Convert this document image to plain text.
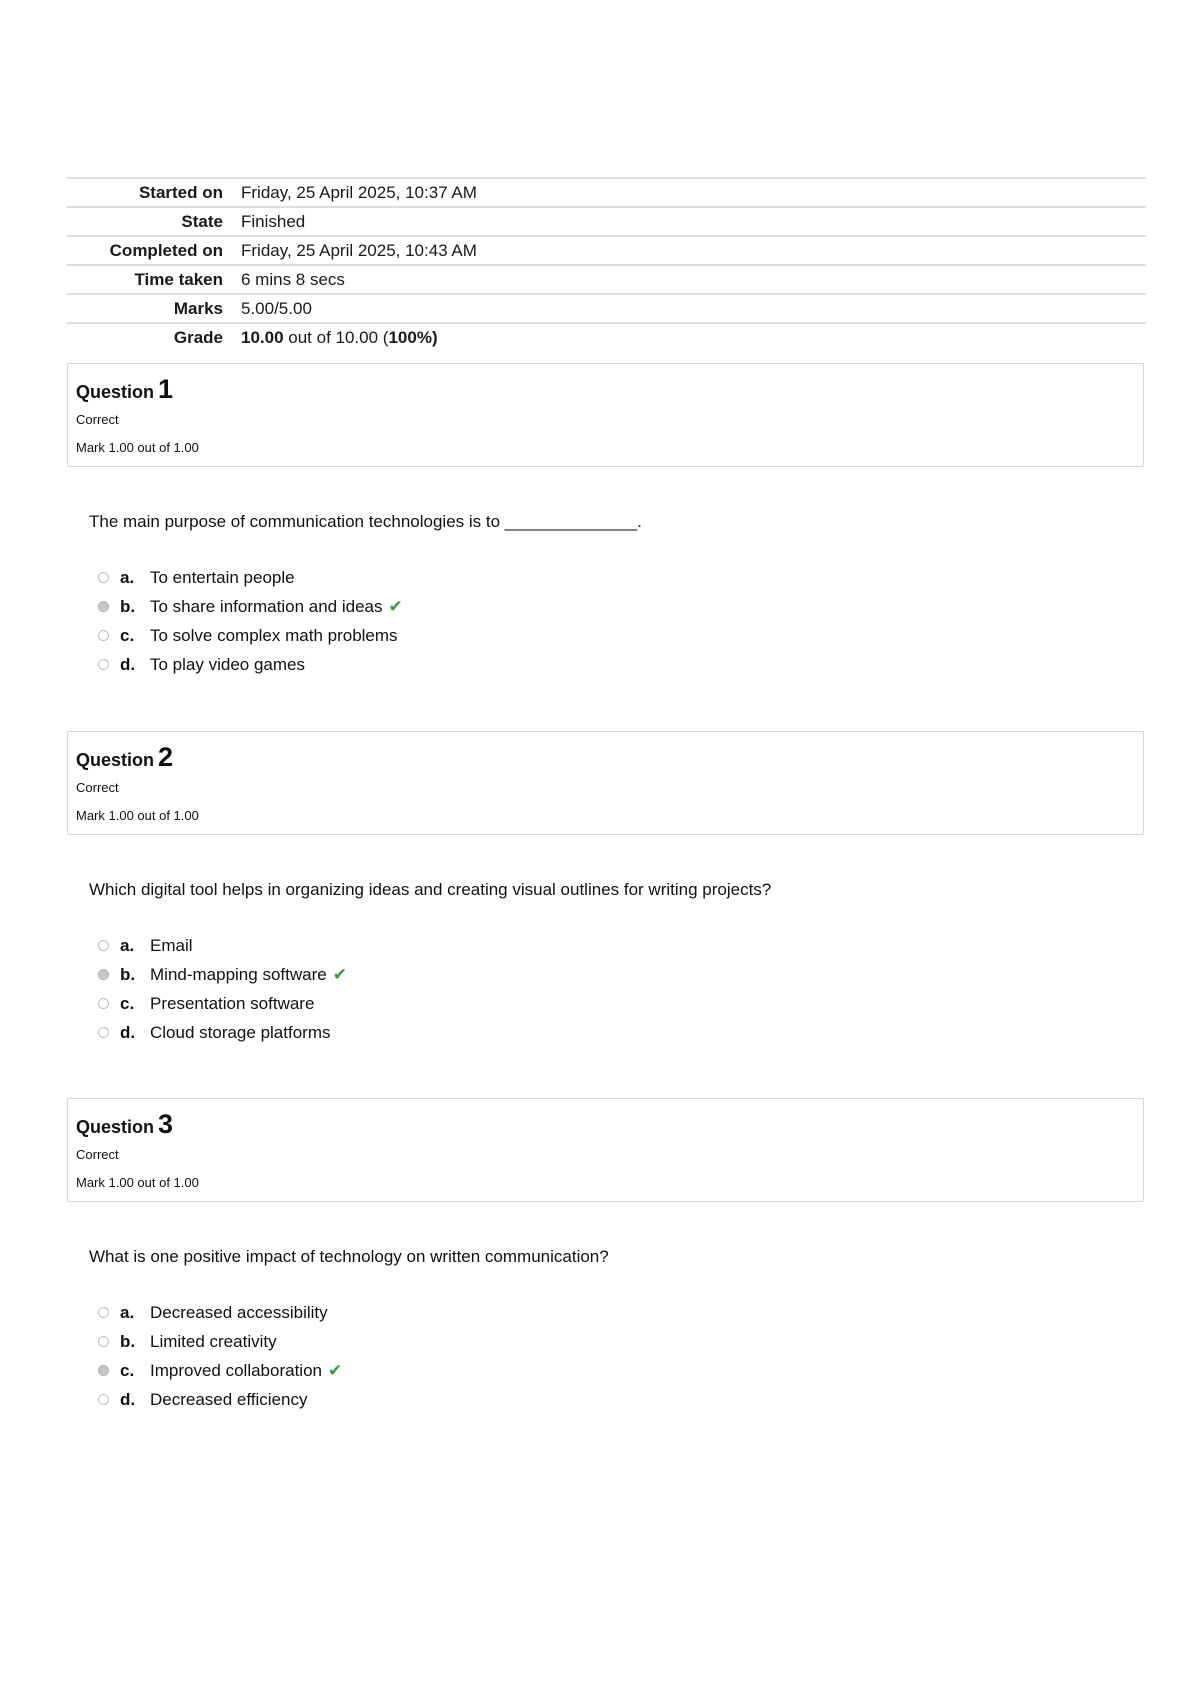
Started on	Friday, 25 April 2025, 10:37 AM
State	Finished
Completed on	Friday, 25 April 2025, 10:43 AM
Time taken	6 mins 8 secs
Marks	5.00/5.00
Grade	10.00 out of 10.00 (100%)
Question 1
Correct
Mark 1.00 out of 1.00
The main purpose of communication technologies is to ______________.
a. To entertain people
b. To share information and ideas ✔
c. To solve complex math problems
d. To play video games
Question 2
Correct
Mark 1.00 out of 1.00
Which digital tool helps in organizing ideas and creating visual outlines for writing projects?
a. Email
b. Mind-mapping software ✔
c. Presentation software
d. Cloud storage platforms
Question 3
Correct
Mark 1.00 out of 1.00
What is one positive impact of technology on written communication?
a. Decreased accessibility
b. Limited creativity
c. Improved collaboration ✔
d. Decreased efficiency
